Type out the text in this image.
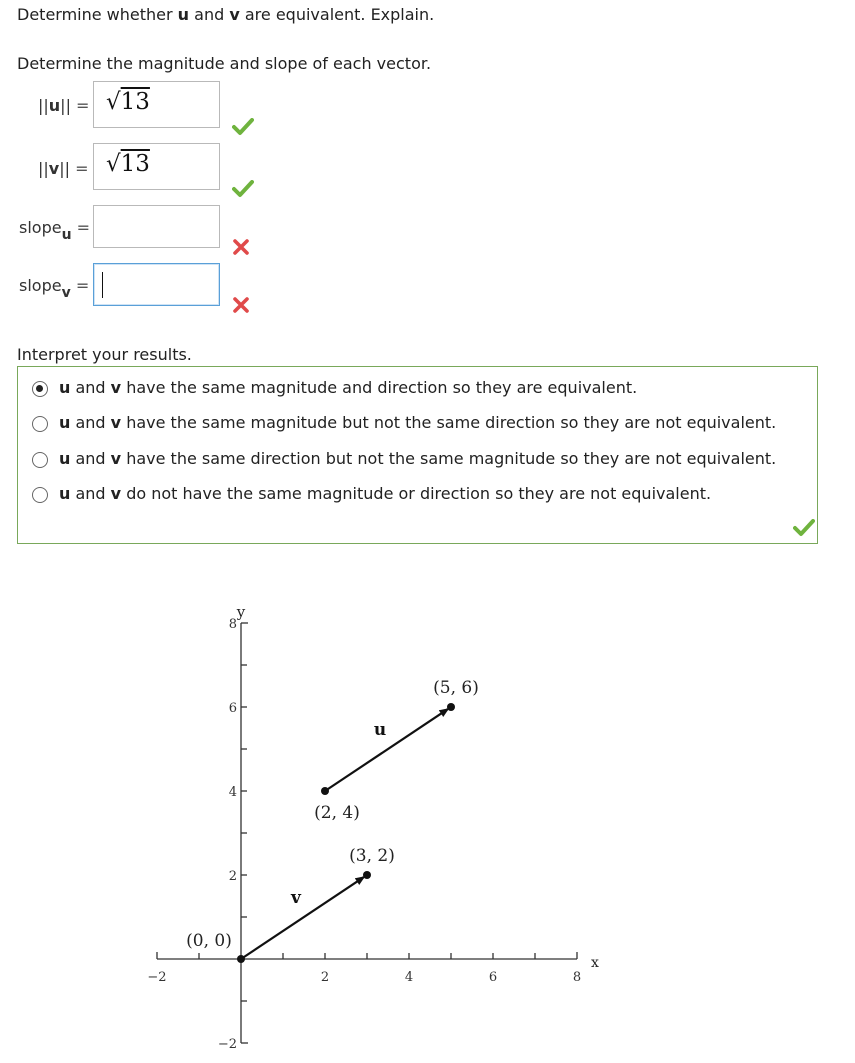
Determine whether u and v are equivalent. Explain.
Determine the magnitude and slope of each vector.
||u|| = √13
||v|| = √13
slopeu =
slopev =
Interpret your results.
u and v have the same magnitude and direction so they are equivalent.
u and v have the same magnitude but not the same direction so they are not equivalent.
u and v have the same direction but not the same magnitude so they are not equivalent.
u and v do not have the same magnitude or direction so they are not equivalent.
−2	2	4	6	8
−2
2
4
6
8
x
y
u
(5, 6)
(2, 4)
v
(3, 2)
(0, 0)
